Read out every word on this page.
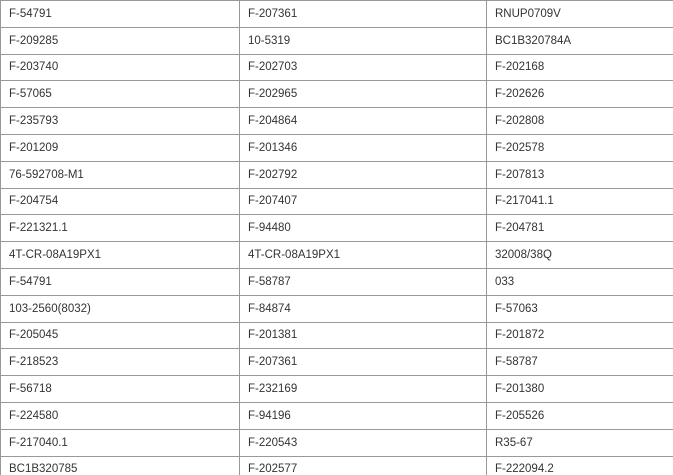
F-54791	F-207361	RNUP0709V
F-209285	10-5319	BC1B320784A
F-203740	F-202703	F-202168
F-57065	F-202965	F-202626
F-235793	F-204864	F-202808
F-201209	F-201346	F-202578
76-592708-M1	F-202792	F-207813
F-204754	F-207407	F-217041.1
F-221321.1	F-94480	F-204781
4T-CR-08A19PX1	4T-CR-08A19PX1	32008/38Q
F-54791	F-58787	033
103-2560(8032)	F-84874	F-57063
F-205045	F-201381	F-201872
F-218523	F-207361	F-58787
F-56718	F-232169	F-201380
F-224580	F-94196	F-205526
F-217040.1	F-220543	R35-67
BC1B320785	F-202577	F-222094.2
